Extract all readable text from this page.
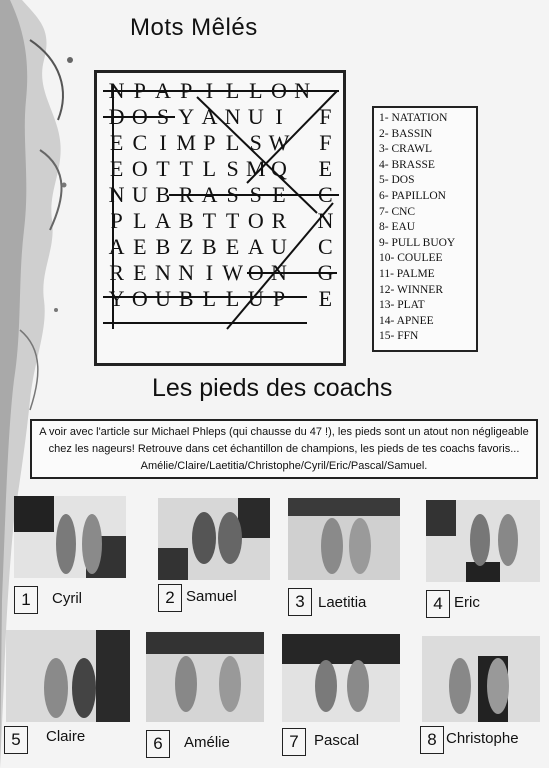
Mots Mêlés
N P A P I L L O N
D O S Y A N U I	F
E C I M P L S W F
E O T T L S M Q E
N U B R A S S E C
P L A B T T O R N
A E B Z B E A U C
R E N N I W O N G
Y O U B L L U P E
1- NATATION
2- BASSIN
3- CRAWL
4- BRASSE
5- DOS
6- PAPILLON
7- CNC
8- EAU
9- PULL BUOY
10- COULEE
11- PALME
12- WINNER
13- PLAT
14- APNEE
15- FFN
Les pieds des coachs
A voir avec l'article sur Michael Phleps (qui chausse du 47 !), les pieds sont un atout non négligeable chez les nageurs! Retrouve dans cet échantillon de champions, les pieds de tes coachs favoris... Amélie/Claire/Laetitia/Christophe/Cyril/Eric/Pascal/Samuel.
1	Cyril	2 Samuel	3 Laetitia	4 Eric
5	Claire	6	Amélie	7	Pascal	8 Christophe
